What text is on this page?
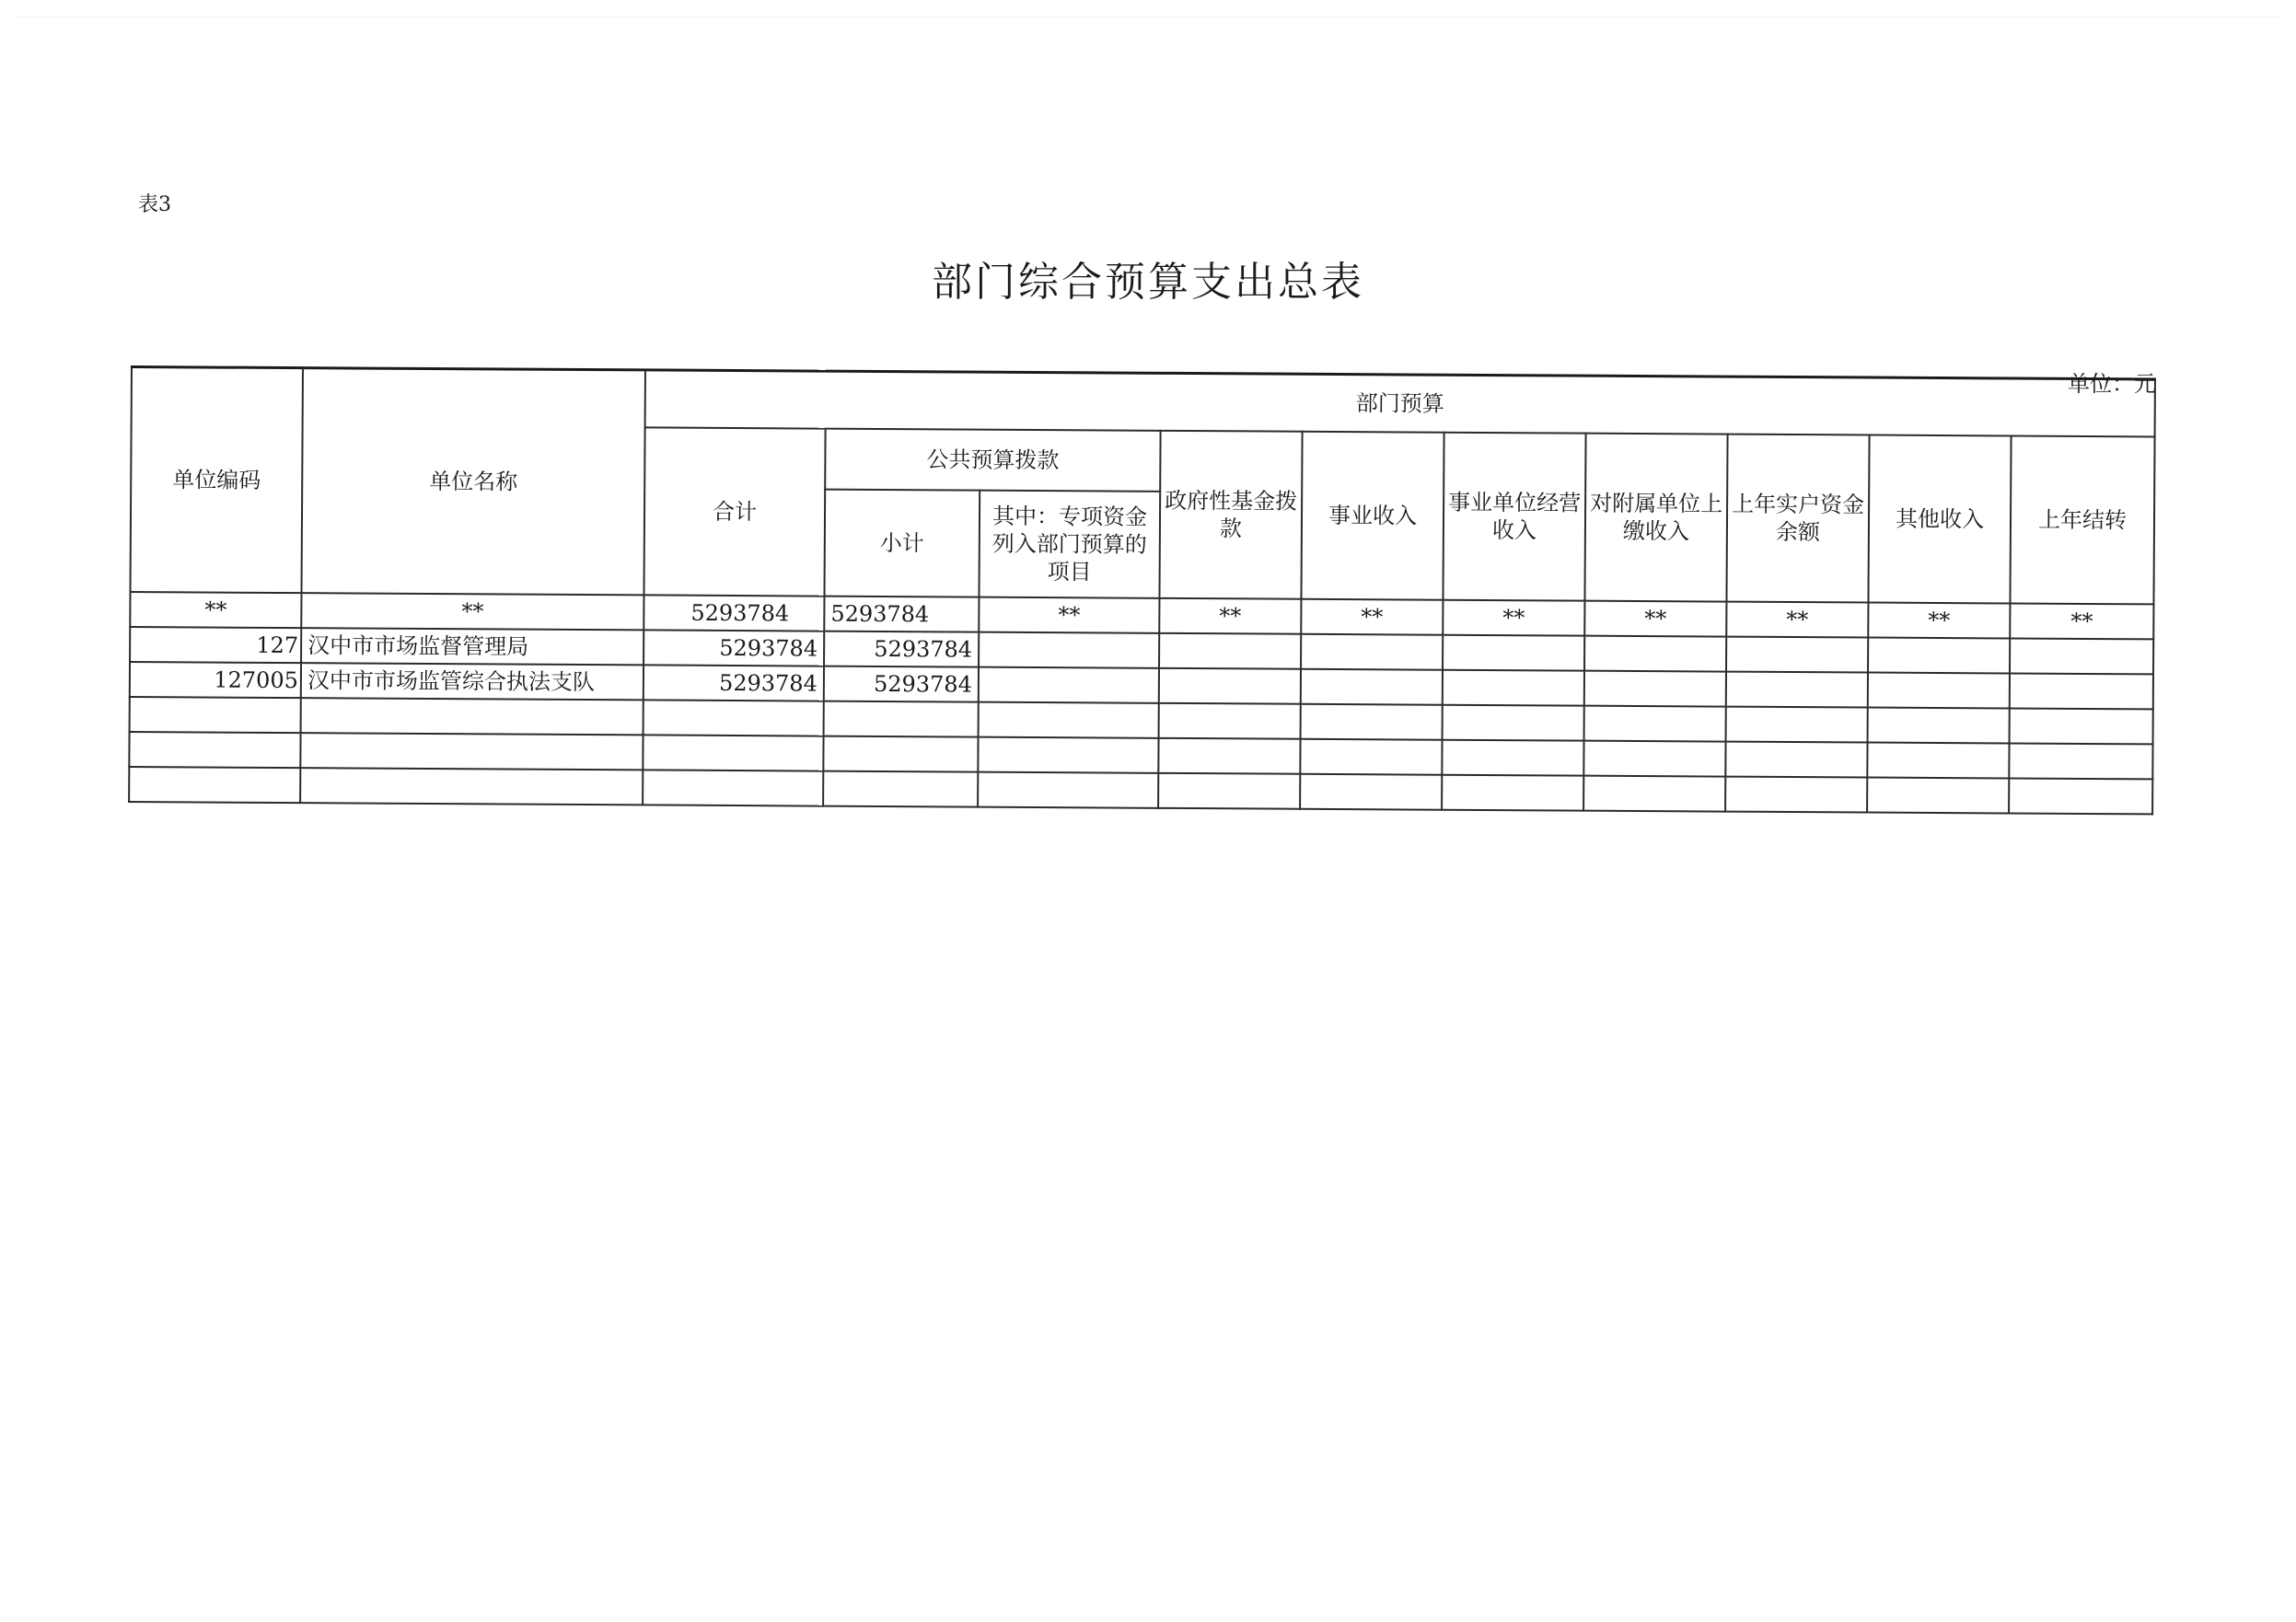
表3
部门综合预算支出总表
单位：元
单位编码	单位名称	部门预算									
		合计	公共预算拨款		政府性基金拨款	事业收入	事业单位经营收入	对附属单位上缴收入	上年实户资金余额	其他收入	上年结转
			小计	其中：专项资金列入部门预算的项目							
**	**	5293784	5293784	**	**	**	**	**	**	**	**
127	汉中市市场监督管理局	5293784	5293784								
127005	汉中市市场监管综合执法支队	5293784	5293784								
